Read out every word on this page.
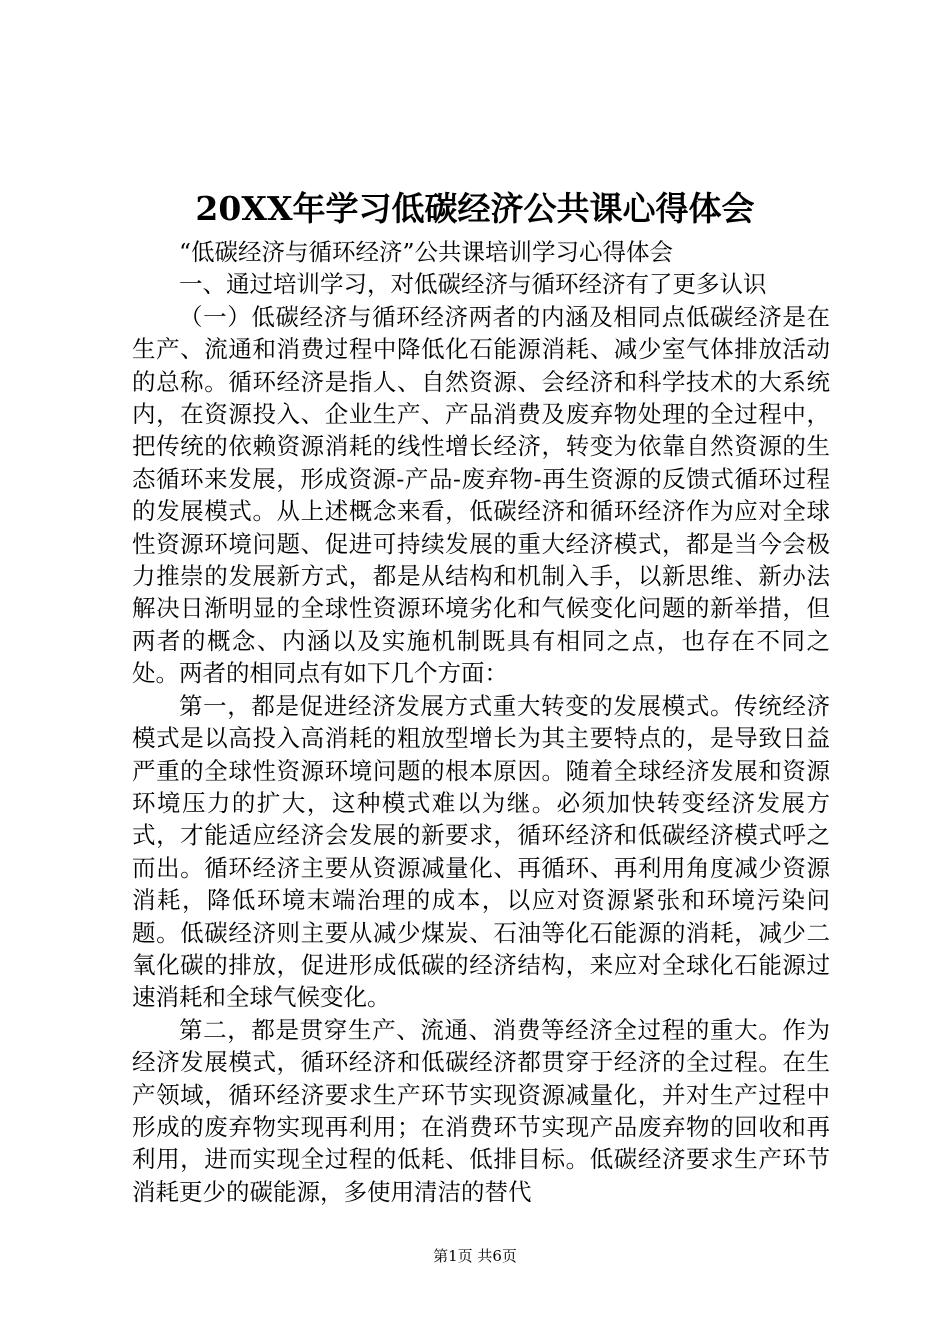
20XX年学习低碳经济公共课心得体会

“低碳经济与循环经济”公共课培训学习心得体会

一、通过培训学习，对低碳经济与循环经济有了更多认识

（一）低碳经济与循环经济两者的内涵及相同点低碳经济是在生产、流通和消费过程中降低化石能源消耗、减少室气体排放活动的总称。循环经济是指人、自然资源、会经济和科学技术的大系统内，在资源投入、企业生产、产品消费及废弃物处理的全过程中，把传统的依赖资源消耗的线性增长经济，转变为依靠自然资源的生态循环来发展，形成资源-产品-废弃物-再生资源的反馈式循环过程的发展模式。从上述概念来看，低碳经济和循环经济作为应对全球性资源环境问题、促进可持续发展的重大经济模式，都是当今会极力推崇的发展新方式，都是从结构和机制入手，以新思维、新办法解决日渐明显的全球性资源环境劣化和气候变化问题的新举措，但两者的概念、内涵以及实施机制既具有相同之点，也存在不同之处。两者的相同点有如下几个方面：

第一，都是促进经济发展方式重大转变的发展模式。传统经济模式是以高投入高消耗的粗放型增长为其主要特点的，是导致日益严重的全球性资源环境问题的根本原因。随着全球经济发展和资源环境压力的扩大，这种模式难以为继。必须加快转变经济发展方式，才能适应经济会发展的新要求，循环经济和低碳经济模式呼之而出。循环经济主要从资源减量化、再循环、再利用角度减少资源消耗，降低环境末端治理的成本，以应对资源紧张和环境污染问题。低碳经济则主要从减少煤炭、石油等化石能源的消耗，减少二氧化碳的排放，促进形成低碳的经济结构，来应对全球化石能源过速消耗和全球气候变化。

第二，都是贯穿生产、流通、消费等经济全过程的重大。作为经济发展模式，循环经济和低碳经济都贯穿于经济的全过程。在生产领域，循环经济要求生产环节实现资源减量化，并对生产过程中形成的废弃物实现再利用；在消费环节实现产品废弃物的回收和再利用，进而实现全过程的低耗、低排目标。低碳经济要求生产环节消耗更少的碳能源，多使用清洁的替代

第1页 共6页
